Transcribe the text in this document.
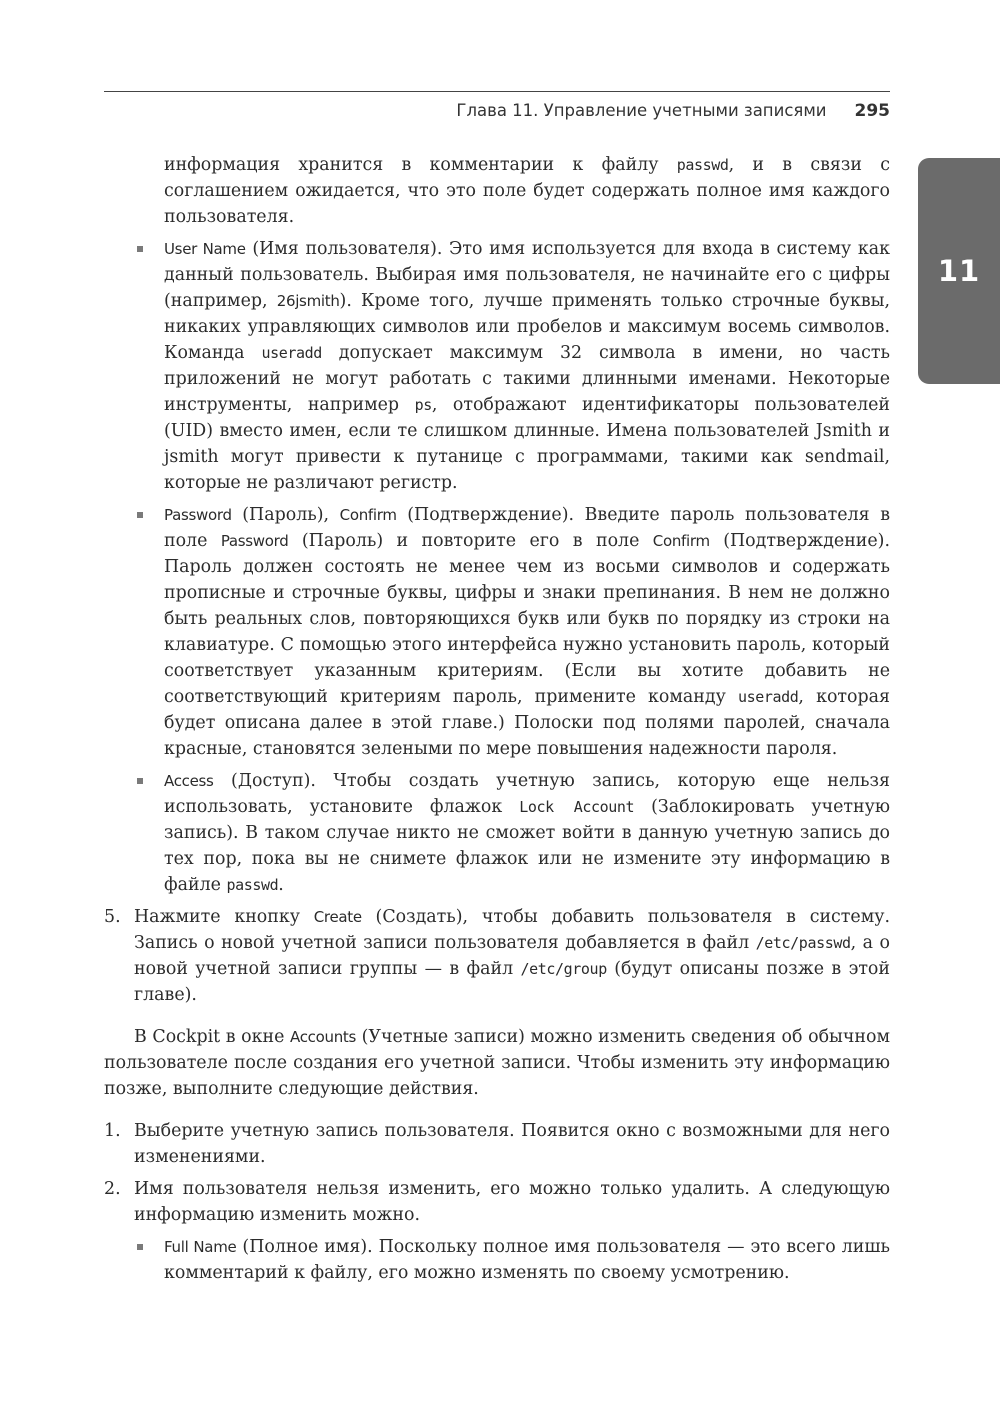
Глава 11. Управление учетными записями 295
11

информация хранится в комментарии к файлу passwd, и в связи с соглашением ожидается, что это поле будет содержать полное имя каждого пользователя.

User Name (Имя пользователя). Это имя используется для входа в систему как данный пользователь. Выбирая имя пользователя, не начинайте его с цифры (например, 26jsmith). Кроме того, лучше применять только строчные буквы, никаких управляющих символов или пробелов и максимум восемь символов. Команда useradd допускает максимум 32 символа в имени, но часть приложений не могут работать с такими длинными именами. Некоторые инструменты, например ps, отображают идентификаторы пользователей (UID) вместо имен, если те слишком длинные. Имена пользователей Jsmith и jsmith могут привести к путанице с программами, такими как sendmail, которые не различают регистр.
Password (Пароль), Confirm (Подтверждение). Введите пароль пользователя в поле Password (Пароль) и повторите его в поле Confirm (Подтверждение). Пароль должен состоять не менее чем из восьми символов и содержать прописные и строчные буквы, цифры и знаки препинания. В нем не должно быть реальных слов, повторяющихся букв или букв по порядку из строки на клавиатуре. С помощью этого интерфейса нужно установить пароль, который соответствует указанным критериям. (Если вы хотите добавить не соответствующий критериям пароль, примените команду useradd, которая будет описана далее в этой главе.) Полоски под полями паролей, сначала красные, становятся зелеными по мере повышения надежности пароля.
Access (Доступ). Чтобы создать учетную запись, которую еще нельзя использовать, установите флажок Lock Account (Заблокировать учетную запись). В таком случае никто не сможет войти в данную учетную запись до тех пор, пока вы не снимете флажок или не измените эту информацию в файле passwd.
5. Нажмите кнопку Create (Создать), чтобы добавить пользователя в систему. Запись о новой учетной записи пользователя добавляется в файл /etc/passwd, а о новой учетной записи группы — в файл /etc/group (будут описаны позже в этой главе).

В Cockpit в окне Accounts (Учетные записи) можно изменить сведения об обычном пользователе после создания его учетной записи. Чтобы изменить эту информацию позже, выполните следующие действия.

1. Выберите учетную запись пользователя. Появится окно с возможными для него изменениями.
2. Имя пользователя нельзя изменить, его можно только удалить. А следующую информацию изменить можно.
Full Name (Полное имя). Поскольку полное имя пользователя — это всего лишь комментарий к файлу, его можно изменять по своему усмотрению.
